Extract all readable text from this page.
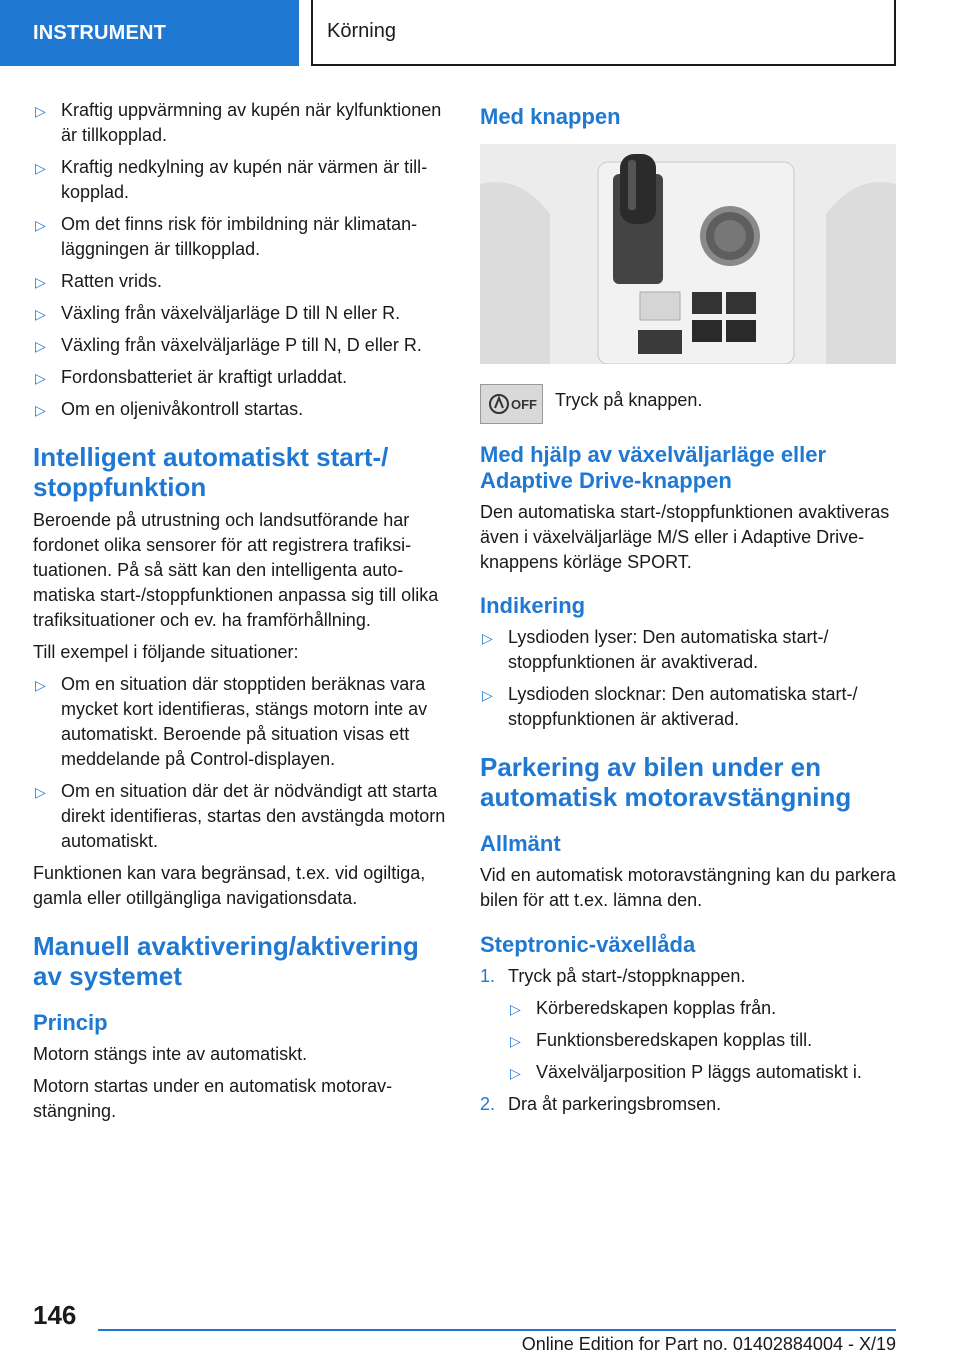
INSTRUMENT	Körning
▷ Kraftig uppvärmning av kupén när kylfunktionen är tillkopplad.
▷ Kraftig nedkylning av kupén när värmen är tillkopplad.
▷ Om det finns risk för imbildning när klimatanläggningen är tillkopplad.
▷ Ratten vrids.
▷ Växling från växelväljarläge D till N eller R.
▷ Växling från växelväljarläge P till N, D eller R.
▷ Fordonsbatteriet är kraftigt urladdat.
▷ Om en oljenivåkontroll startas.
Intelligent automatiskt start-/ stoppfunktion

Beroende på utrustning och landsutförande har fordonet olika sensorer för att registrera trafiksituationen. På så sätt kan den intelligenta automatiska start-/stoppfunktionen anpassa sig till olika trafiksituationer och ev. ha framförhållning.

Till exempel i följande situationer:

▷ Om en situation där stopptiden beräknas vara mycket kort identifieras, stängs motorn inte av automatiskt. Beroende på situation visas ett meddelande på Control-displayen.
▷ Om en situation där det är nödvändigt att starta direkt identifieras, startas den avstängda motorn automatiskt.

Funktionen kan vara begränsad, t.ex. vid ogiltiga, gamla eller otillgängliga navigationsdata.

Manuell avaktivering/aktivering av systemet
Princip

Motorn stängs inte av automatiskt.

Motorn startas under en automatisk motoravstängning.

Med knappen
OFF Tryck på knappen.

Med hjälp av växelväljarläge eller Adaptive Drive-knappen

Den automatiska start-/stoppfunktionen avaktiveras även i växelväljarläge M/S eller i Adaptive Drive-knappens körläge SPORT.

Indikering
▷ Lysdioden lyser: Den automatiska start-/ stoppfunktionen är avaktiverad.
▷ Lysdioden slocknar: Den automatiska start-/ stoppfunktionen är aktiverad.
Parkering av bilen under en automatisk motoravstängning
Allmänt

Vid en automatisk motoravstängning kan du parkera bilen för att t.ex. lämna den.

Steptronic-växellåda
1. Tryck på start-/stoppknappen.
▷ Körberedskapen kopplas från.
▷ Funktionsberedskapen kopplas till.
▷ Växelväljarposition P läggs automatiskt i.
2. Dra åt parkeringsbromsen.
146
Online Edition for Part no. 01402884004 - X/19
